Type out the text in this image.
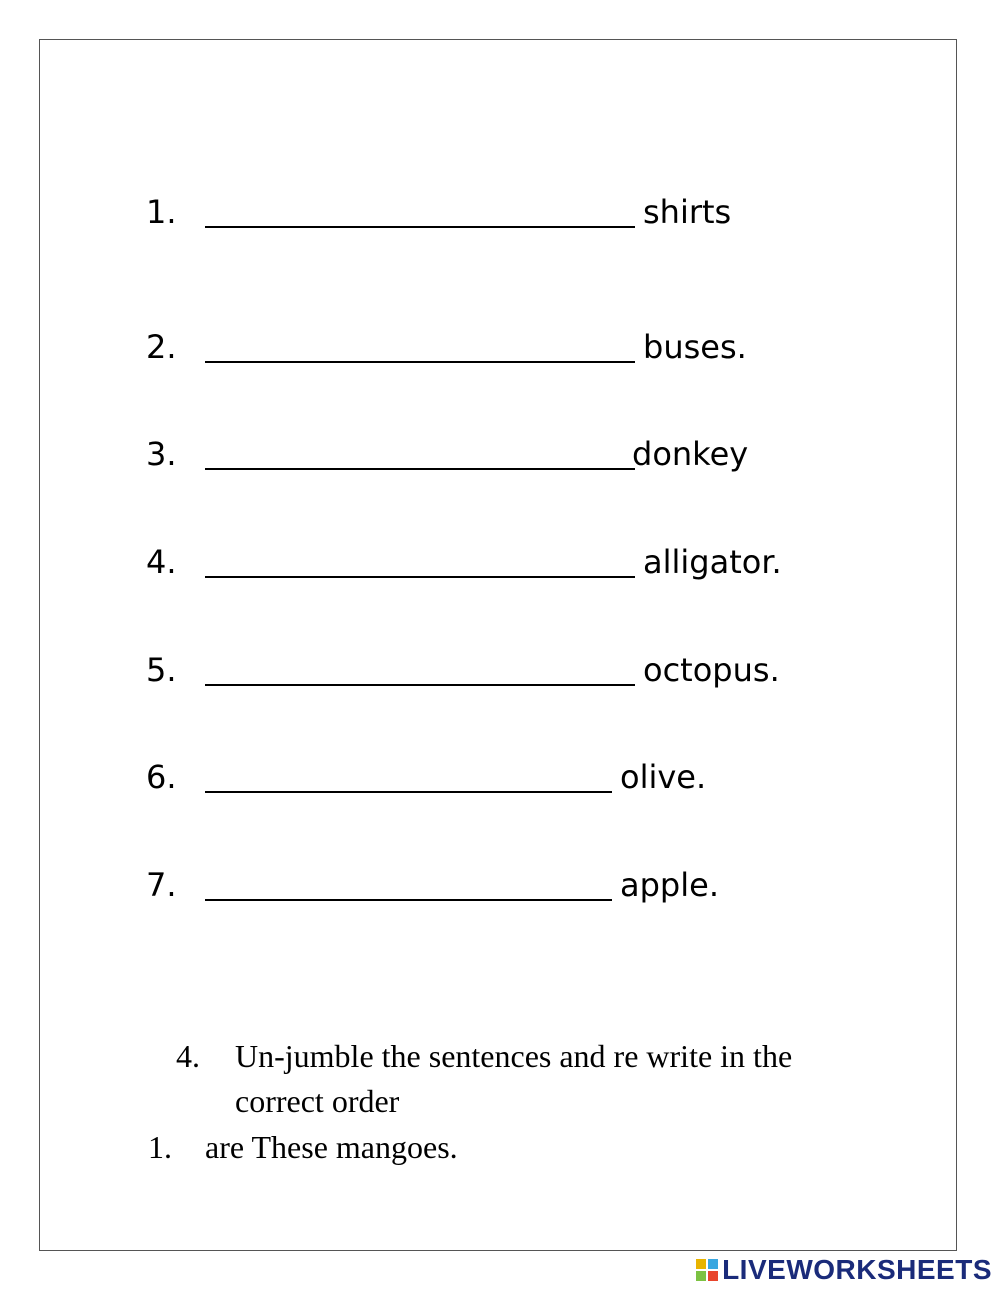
1.	shirts
2.	buses.
3.	donkey
4.	alligator.
5.	octopus.
6.	olive.
7.	apple.
4. Un-jumble the sentences and re write in the
correct order
1. are These mangoes.
LIVEWORKSHEETS
